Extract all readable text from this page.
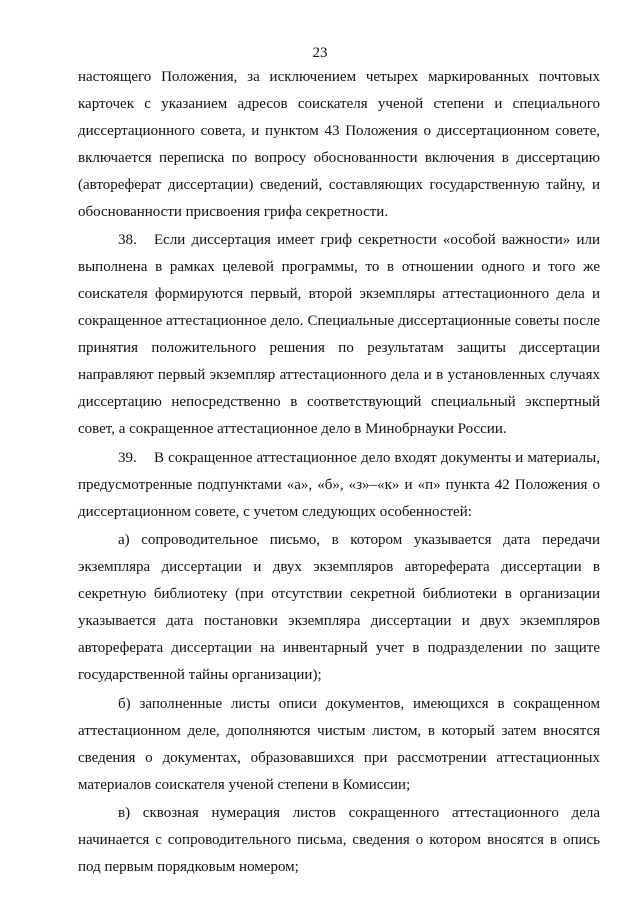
23

настоящего Положения, за исключением четырех маркированных почтовых карточек с указанием адресов соискателя ученой степени и специального диссертационного совета, и пунктом 43 Положения о диссертационном совете, включается переписка по вопросу обоснованности включения в диссертацию (автореферат диссертации) сведений, составляющих государственную тайну, и обоснованности присвоения грифа секретности.

38. Если диссертация имеет гриф секретности «особой важности» или выполнена в рамках целевой программы, то в отношении одного и того же соискателя формируются первый, второй экземпляры аттестационного дела и сокращенное аттестационное дело. Специальные диссертационные советы после принятия положительного решения по результатам защиты диссертации направляют первый экземпляр аттестационного дела и в установленных случаях диссертацию непосредственно в соответствующий специальный экспертный совет, а сокращенное аттестационное дело в Минобрнауки России.

39. В сокращенное аттестационное дело входят документы и материалы, предусмотренные подпунктами «а», «б», «з»–«к» и «п» пункта 42 Положения о диссертационном совете, с учетом следующих особенностей:

а) сопроводительное письмо, в котором указывается дата передачи экземпляра диссертации и двух экземпляров автореферата диссертации в секретную библиотеку (при отсутствии секретной библиотеки в организации указывается дата постановки экземпляра диссертации и двух экземпляров автореферата диссертации на инвентарный учет в подразделении по защите государственной тайны организации);

б) заполненные листы описи документов, имеющихся в сокращенном аттестационном деле, дополняются чистым листом, в который затем вносятся сведения о документах, образовавшихся при рассмотрении аттестационных материалов соискателя ученой степени в Комиссии;

в) сквозная нумерация листов сокращенного аттестационного дела начинается с сопроводительного письма, сведения о котором вносятся в опись под первым порядковым номером;
